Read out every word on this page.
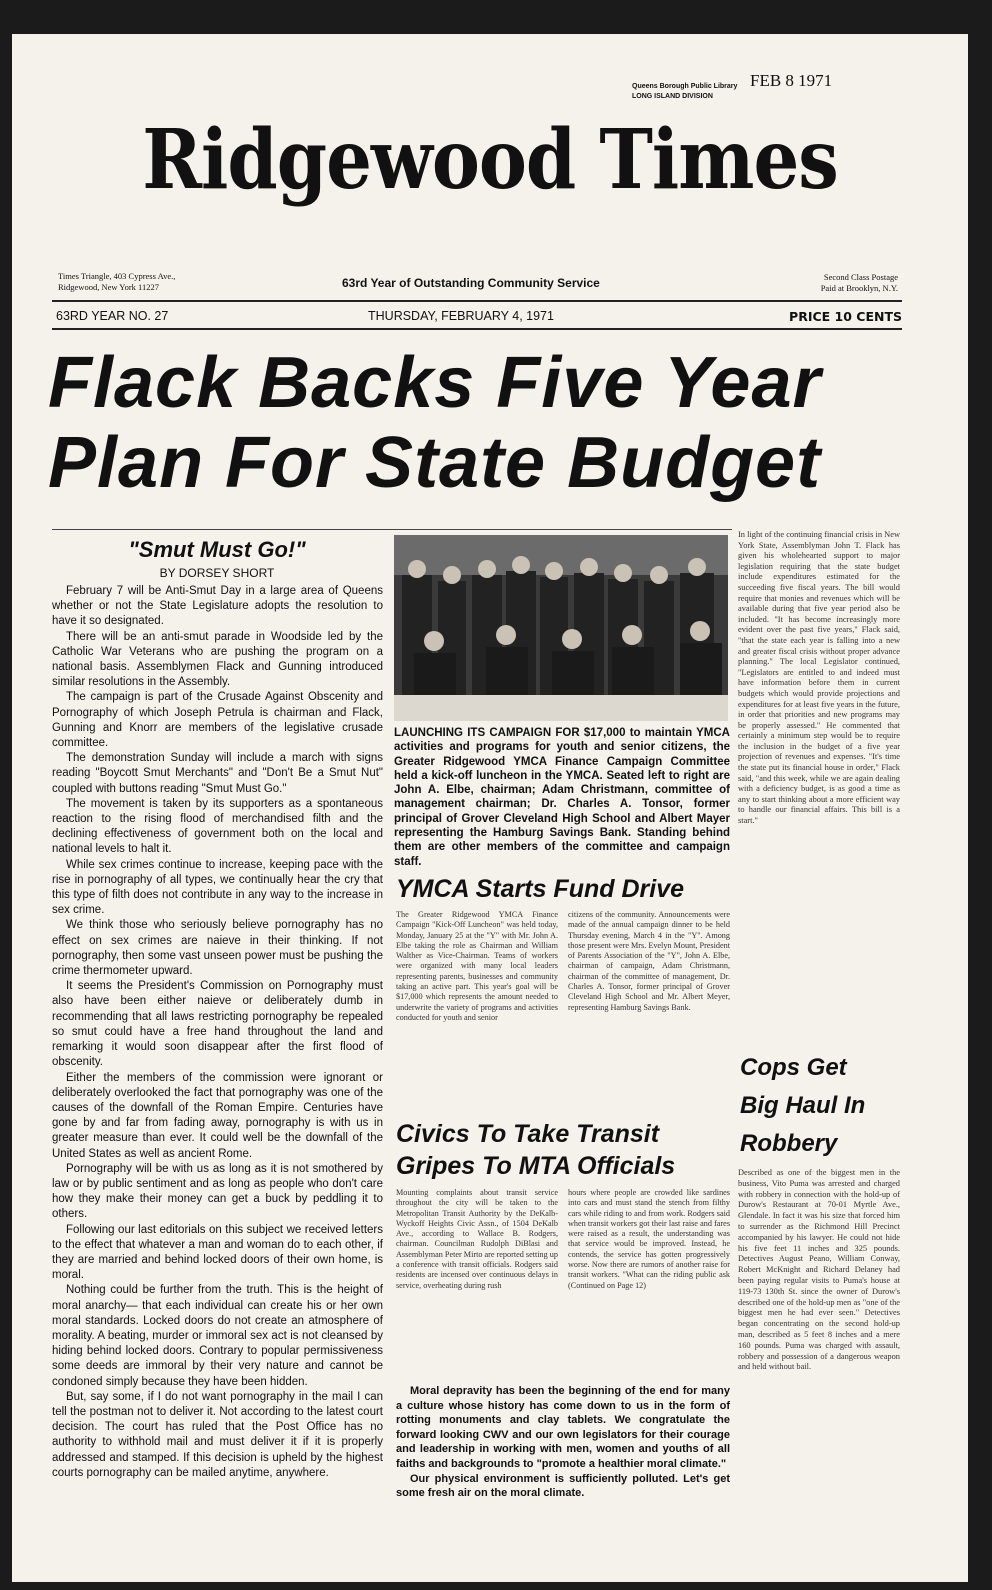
Queens Borough Public Library
LONG ISLAND DIVISION
FEB 8 1971
Ridgewood Times
Times Triangle, 403 Cypress Ave.,
Ridgewood, New York 11227	63rd Year of Outstanding Community Service	Second Class Postage
Paid at Brooklyn, N.Y.
63RD YEAR NO. 27	THURSDAY, FEBRUARY 4, 1971	PRICE 10 CENTS
Flack Backs Five Year
Plan For State Budget
"Smut Must Go!"
BY DORSEY SHORT

February 7 will be Anti-Smut Day in a large area of Queens whether or not the State Legislature adopts the resolution to have it so designated.

There will be an anti-smut parade in Woodside led by the Catholic War Veterans who are pushing the program on a national basis. Assemblymen Flack and Gunning introduced similar resolutions in the Assembly.

The campaign is part of the Crusade Against Obscenity and Pornography of which Joseph Petrula is chairman and Flack, Gunning and Knorr are members of the legislative crusade committee.

The demonstration Sunday will include a march with signs reading "Boycott Smut Merchants" and "Don't Be a Smut Nut" coupled with buttons reading "Smut Must Go."

The movement is taken by its supporters as a spontaneous reaction to the rising flood of merchandised filth and the declining effectiveness of government both on the local and national levels to halt it.

While sex crimes continue to increase, keeping pace with the rise in pornography of all types, we continually hear the cry that this type of filth does not contribute in any way to the increase in sex crime.

We think those who seriously believe pornography has no effect on sex crimes are naieve in their thinking. If not pornography, then some vast unseen power must be pushing the crime thermometer upward.

It seems the President's Commission on Pornography must also have been either naieve or deliberately dumb in recommending that all laws restricting pornography be repealed so smut could have a free hand throughout the land and remarking it would soon disappear after the first flood of obscenity.

Either the members of the commission were ignorant or deliberately overlooked the fact that pornography was one of the causes of the downfall of the Roman Empire. Centuries have gone by and far from fading away, pornography is with us in greater measure than ever. It could well be the downfall of the United States as well as ancient Rome.

Pornography will be with us as long as it is not smothered by law or by public sentiment and as long as people who don't care how they make their money can get a buck by peddling it to others.

Following our last editorials on this subject we received letters to the effect that whatever a man and woman do to each other, if they are married and behind locked doors of their own home, is moral.

Nothing could be further from the truth. This is the height of moral anarchy— that each individual can create his or her own moral standards. Locked doors do not create an atmosphere of morality. A beating, murder or immoral sex act is not cleansed by hiding behind locked doors. Contrary to popular permissiveness some deeds are immoral by their very nature and cannot be condoned simply because they have been hidden.

But, say some, if I do not want pornography in the mail I can tell the postman not to deliver it. Not according to the latest court decision. The court has ruled that the Post Office has no authority to withhold mail and must deliver it if it is properly addressed and stamped. If this decision is upheld by the highest courts pornography can be mailed anytime, anywhere.

LAUNCHING ITS CAMPAIGN FOR $17,000 to maintain YMCA activities and programs for youth and senior citizens, the Greater Ridgewood YMCA Finance Campaign Committee held a kick-off luncheon in the YMCA. Seated left to right are John A. Elbe, chairman; Adam Christmann, committee of management chairman; Dr. Charles A. Tonsor, former principal of Grover Cleveland High School and Albert Mayer representing the Hamburg Savings Bank. Standing behind them are other members of the committee and campaign staff.
YMCA Starts Fund Drive
The Greater Ridgewood YMCA Finance Campaign "Kick-Off Luncheon" was held today, Monday, January 25 at the "Y" with Mr. John A. Elbe taking the role as Chairman and William Walther as Vice-Chairman. Teams of workers were organized with many local leaders representing parents, businesses and community taking an active part. This year's goal will be $17,000 which represents the amount needed to underwrite the variety of programs and activities conducted for youth and senior
citizens of the community. Announcements were made of the annual campaign dinner to be held Thursday evening, March 4 in the "Y". Among those present were Mrs. Evelyn Mount, President of Parents Association of the "Y", John A. Elbe, chairman of campaign, Adam Christmann, chairman of the committee of management, Dr. Charles A. Tonsor, former principal of Grover Cleveland High School and Mr. Albert Meyer, representing Hamburg Savings Bank.
Civics To Take Transit
Gripes To MTA Officials
Mounting complaints about transit service throughout the city will be taken to the Metropolitan Transit Authority by the DeKalb-Wyckoff Heights Civic Assn., of 1504 DeKalb Ave., according to Wallace B. Rodgers, chairman. Councilman Rudolph DiBlasi and Assemblyman Peter Mirto are reported setting up a conference with transit officials. Rodgers said residents are incensed over continuous delays in service, overheating during rush
hours where people are crowded like sardines into cars and must stand the stench from filthy cars while riding to and from work. Rodgers said when transit workers got their last raise and fares were raised as a result, the understanding was that service would be improved. Instead, he contends, the service has gotten progressively worse. Now there are rumors of another raise for transit workers. "What can the riding public ask (Continued on Page 12)

Moral depravity has been the beginning of the end for many a culture whose history has come down to us in the form of rotting monuments and clay tablets. We congratulate the forward looking CWV and our own legislators for their courage and leadership in working with men, women and youths of all faiths and backgrounds to "promote a healthier moral climate."

Our physical environment is sufficiently polluted. Let's get some fresh air on the moral climate.

In light of the continuing financial crisis in New York State, Assemblyman John T. Flack has given his wholehearted support to major legislation requiring that the state budget include expenditures estimated for the succeeding five fiscal years. The bill would require that monies and revenues which will be available during that five year period also be included. "It has become increasingly more evident over the past five years," Flack said, "that the state each year is falling into a new and greater fiscal crisis without proper advance planning." The local Legislator continued, "Legislators are entitled to and indeed must have information before them in current budgets which would provide projections and expenditures for at least five years in the future, in order that priorities and new programs may be properly assessed." He commented that certainly a minimum step would be to require the inclusion in the budget of a five year projection of revenues and expenses. "It's time the state put its financial house in order," Flack said, "and this week, while we are again dealing with a deficiency budget, is as good a time as any to start thinking about a more efficient way to handle our financial affairs. This bill is a start."
Cops Get
Big Haul In
Robbery
Described as one of the biggest men in the business, Vito Puma was arrested and charged with robbery in connection with the hold-up of Durow's Restaurant at 70-01 Myrtle Ave., Glendale. In fact it was his size that forced him to surrender as the Richmond Hill Precinct accompanied by his lawyer. He could not hide his five feet 11 inches and 325 pounds. Detectives August Peano, William Conway, Robert McKnight and Richard Delaney had been paying regular visits to Puma's house at 119-73 130th St. since the owner of Durow's described one of the hold-up men as "one of the biggest men he had ever seen." Detectives began concentrating on the second hold-up man, described as 5 feet 8 inches and a mere 160 pounds. Puma was charged with assault, robbery and possession of a dangerous weapon and held without bail.
